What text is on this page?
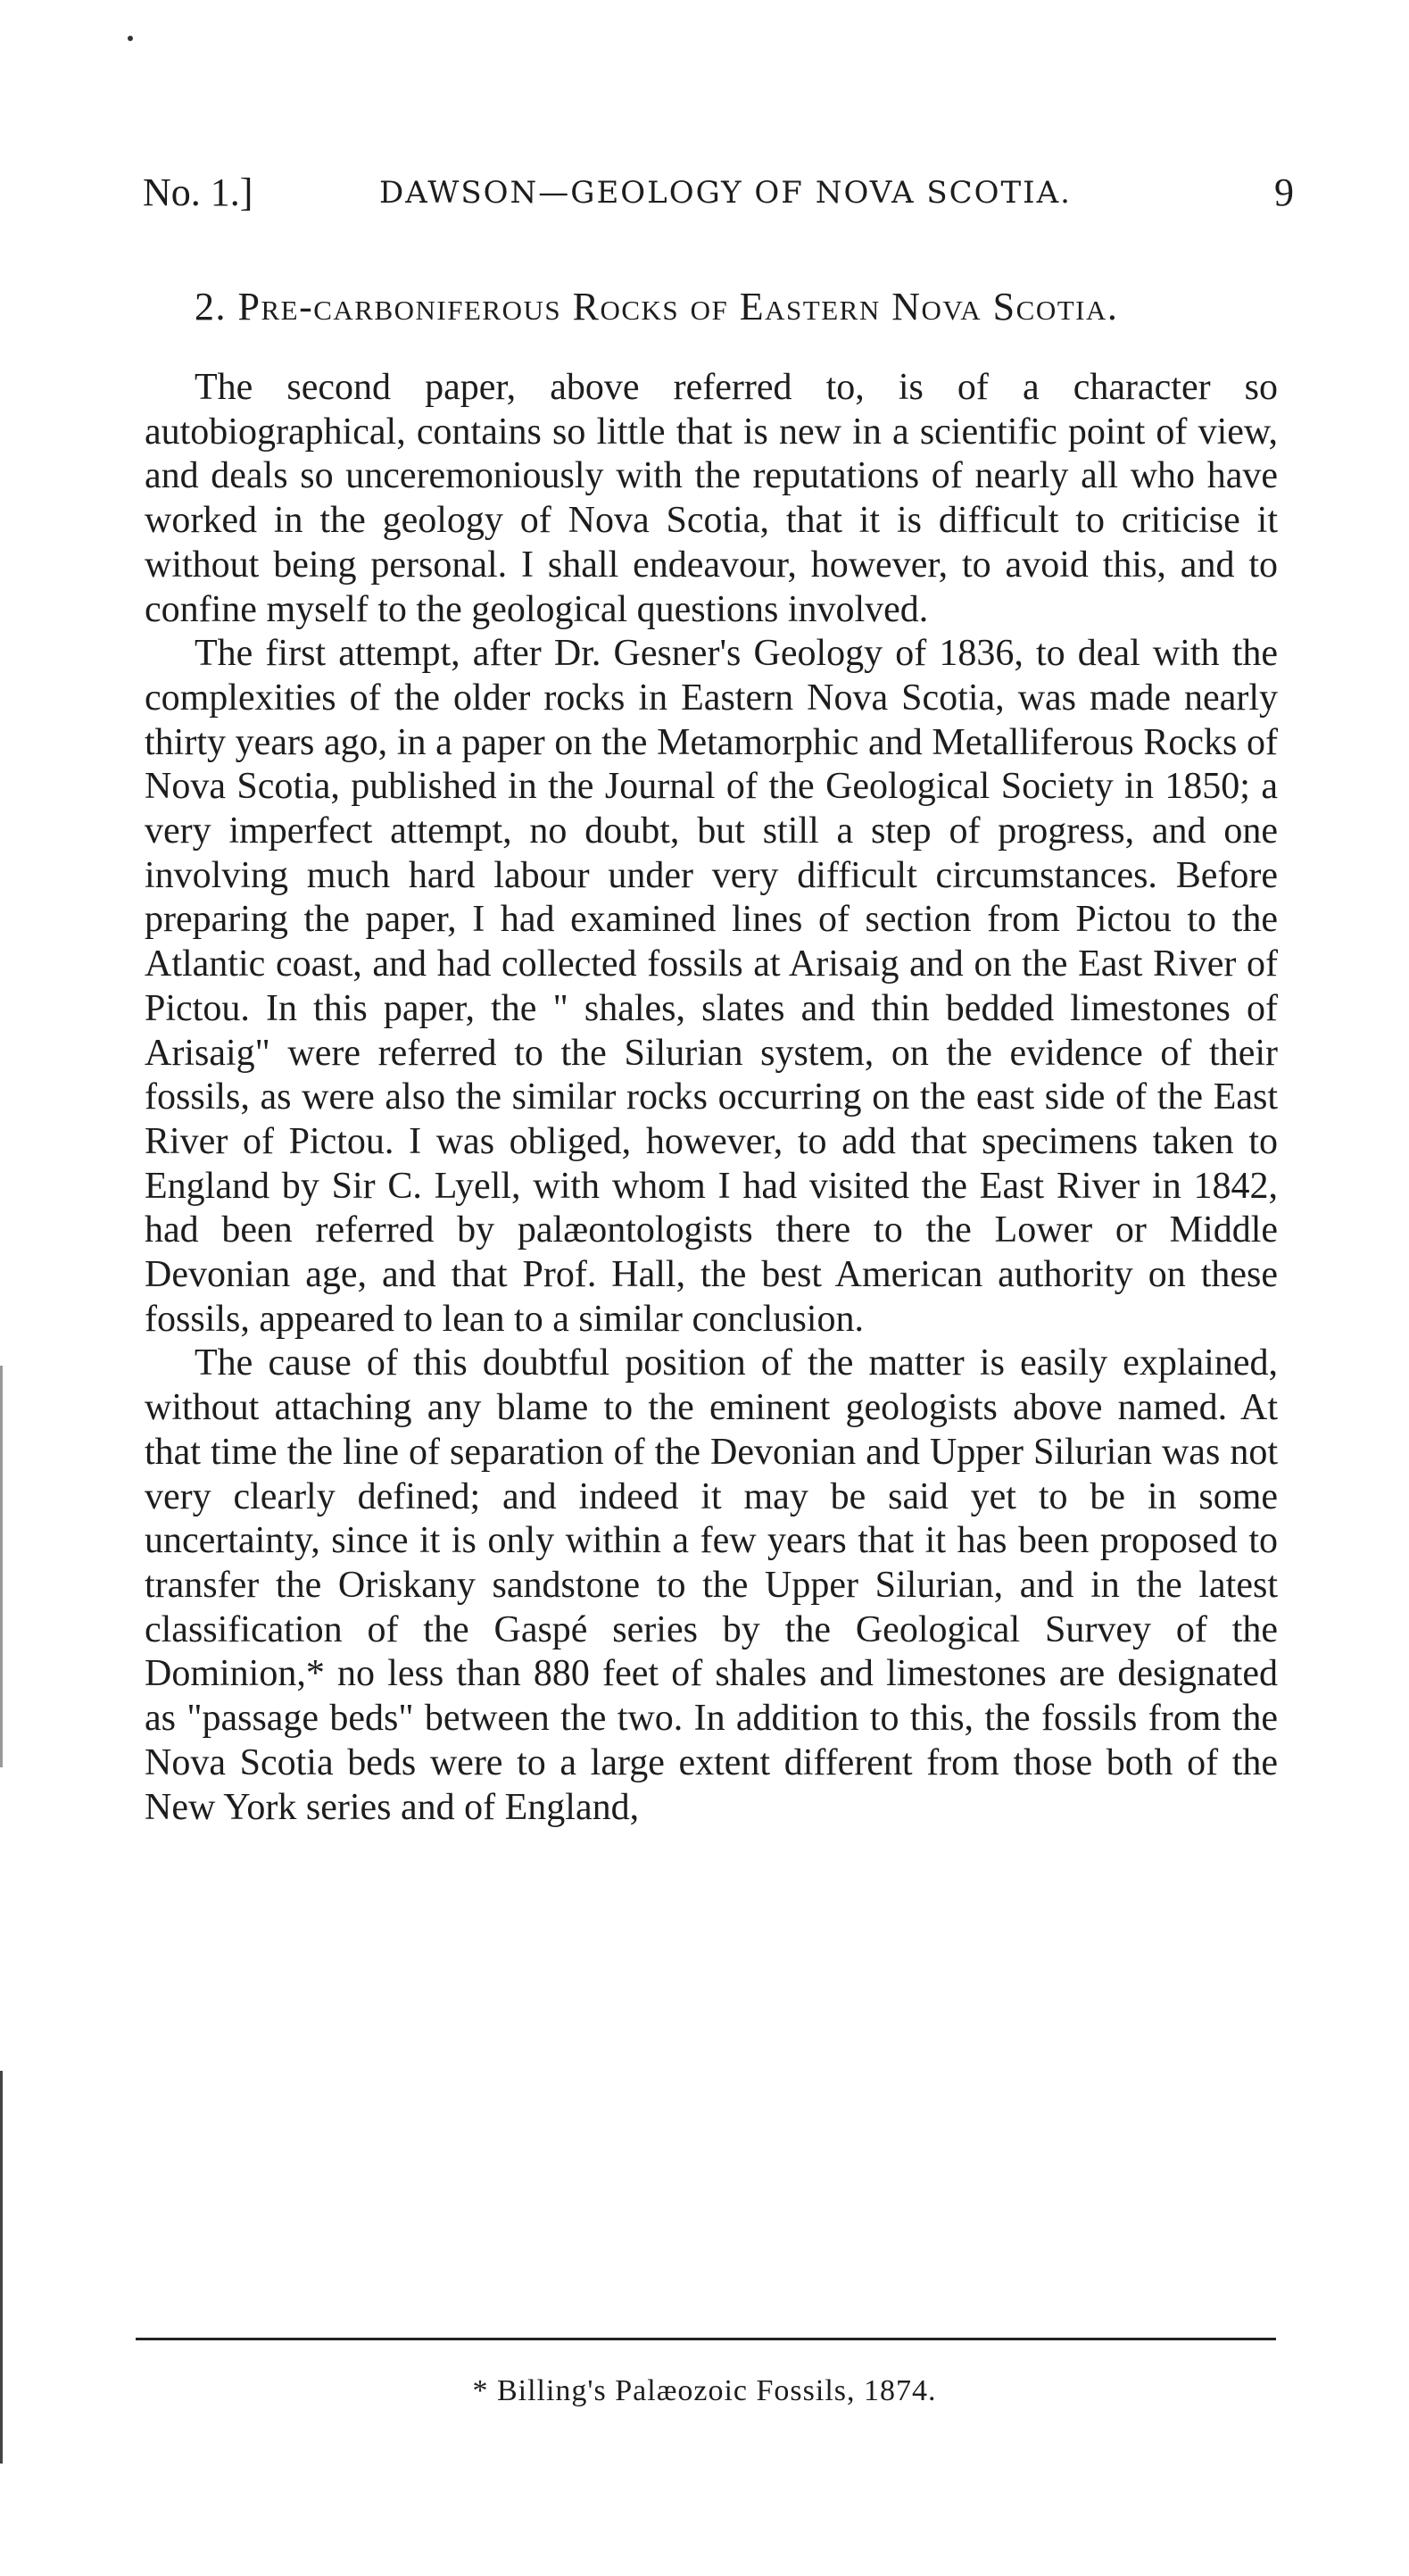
No. 1.]	DAWSON—GEOLOGY OF NOVA SCOTIA.	9
2. Pre-carboniferous Rocks of Eastern Nova Scotia.

The second paper, above referred to, is of a character so autobiographical, contains so little that is new in a scientific point of view, and deals so unceremoniously with the reputations of nearly all who have worked in the geology of Nova Scotia, that it is difficult to criticise it without being personal. I shall endeavour, however, to avoid this, and to confine myself to the geological questions involved.

The first attempt, after Dr. Gesner's Geology of 1836, to deal with the complexities of the older rocks in Eastern Nova Scotia, was made nearly thirty years ago, in a paper on the Metamorphic and Metalliferous Rocks of Nova Scotia, published in the Journal of the Geological Society in 1850; a very imperfect attempt, no doubt, but still a step of progress, and one involving much hard labour under very difficult circumstances. Before preparing the paper, I had examined lines of section from Pictou to the Atlantic coast, and had collected fossils at Arisaig and on the East River of Pictou. In this paper, the " shales, slates and thin bedded limestones of Arisaig" were referred to the Silurian system, on the evidence of their fossils, as were also the similar rocks occurring on the east side of the East River of Pictou. I was obliged, however, to add that specimens taken to England by Sir C. Lyell, with whom I had visited the East River in 1842, had been referred by palæontologists there to the Lower or Middle Devonian age, and that Prof. Hall, the best American authority on these fossils, appeared to lean to a similar conclusion.

The cause of this doubtful position of the matter is easily explained, without attaching any blame to the eminent geologists above named. At that time the line of separation of the Devonian and Upper Silurian was not very clearly defined; and indeed it may be said yet to be in some uncertainty, since it is only within a few years that it has been proposed to transfer the Oriskany sandstone to the Upper Silurian, and in the latest classification of the Gaspé series by the Geological Survey of the Dominion,* no less than 880 feet of shales and limestones are designated as "passage beds" between the two. In addition to this, the fossils from the Nova Scotia beds were to a large extent different from those both of the New York series and of England,

* Billing's Palæozoic Fossils, 1874.
